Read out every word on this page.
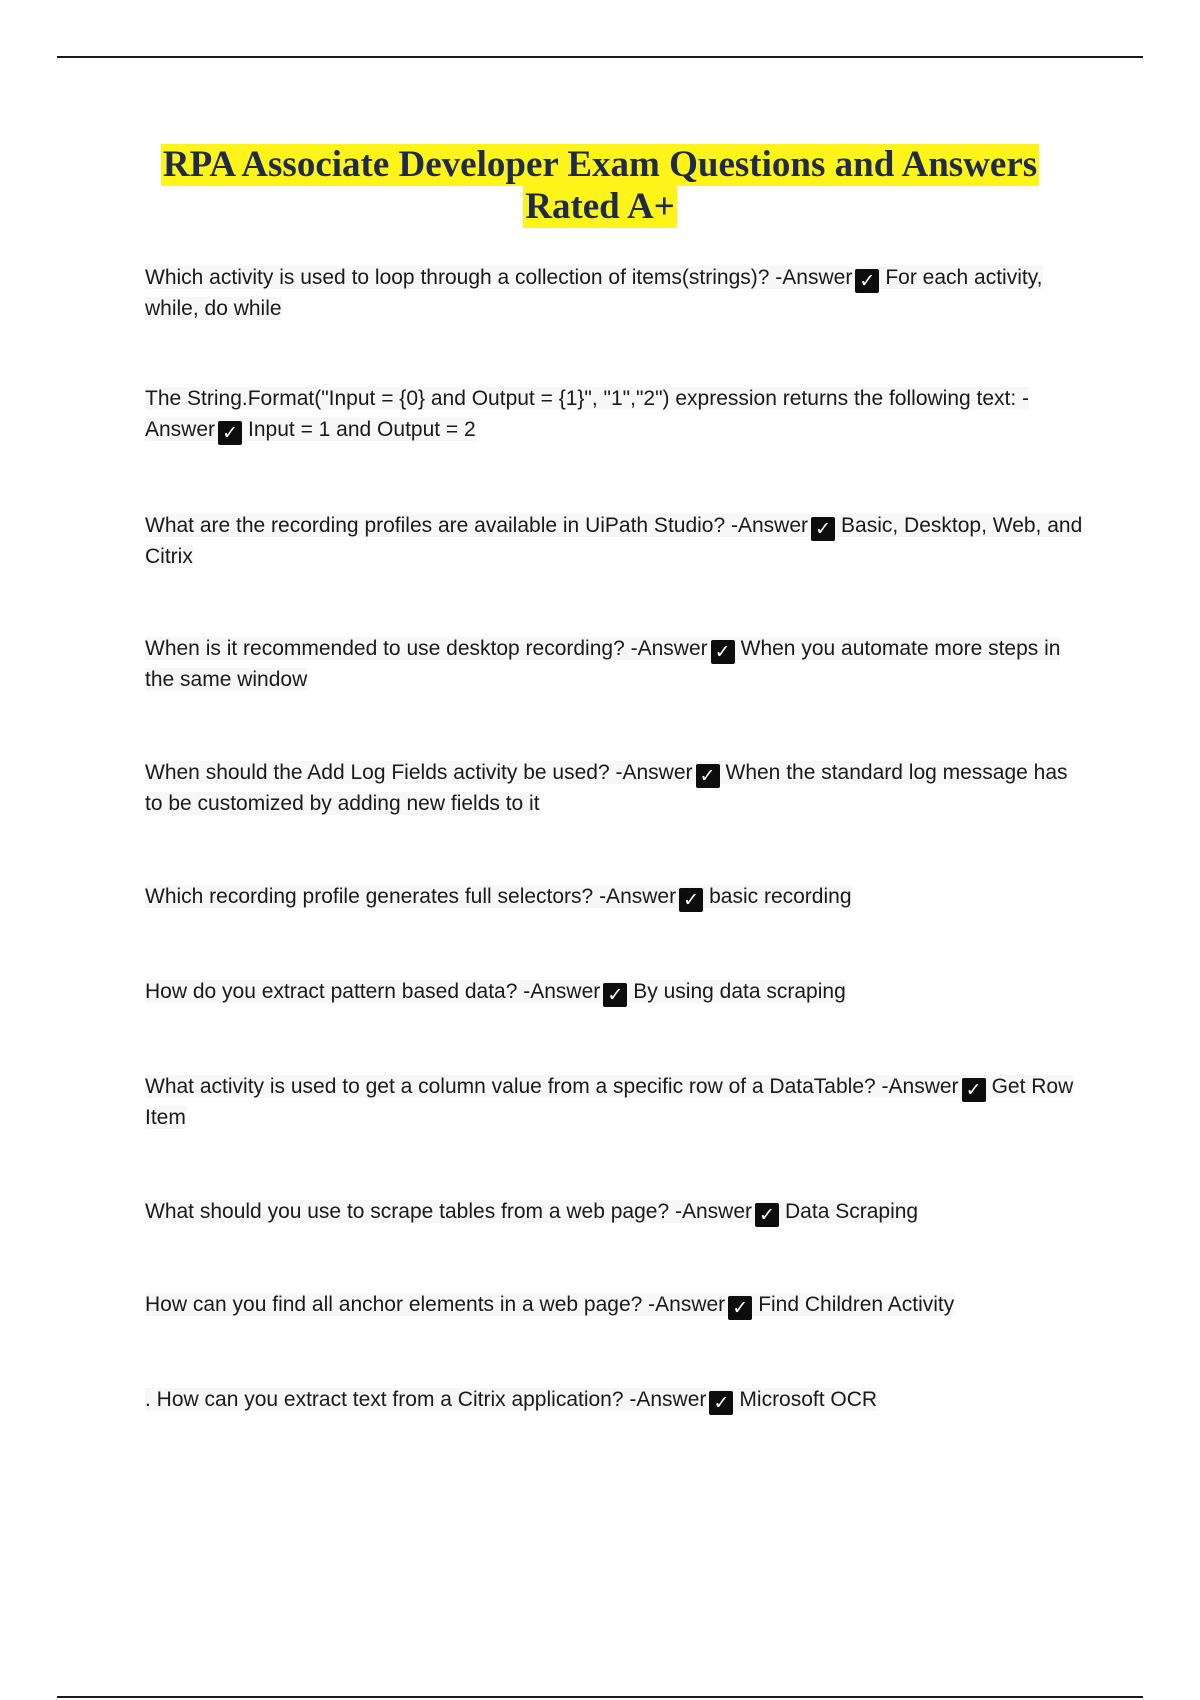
RPA Associate Developer Exam Questions and Answers
Rated A+
Which activity is used to loop through a collection of items(strings)? -Answer ✓ For each activity, while, do while
The String.Format("Input = {0} and Output = {1}", "1","2") expression returns the following text: -Answer ✓ Input = 1 and Output = 2
What are the recording profiles are available in UiPath Studio? -Answer ✓ Basic, Desktop, Web, and Citrix
When is it recommended to use desktop recording? -Answer ✓ When you automate more steps in the same window
When should the Add Log Fields activity be used? -Answer ✓ When the standard log message has to be customized by adding new fields to it
Which recording profile generates full selectors? -Answer ✓ basic recording
How do you extract pattern based data? -Answer ✓ By using data scraping
What activity is used to get a column value from a specific row of a DataTable? -Answer ✓ Get Row Item
What should you use to scrape tables from a web page? -Answer ✓ Data Scraping
How can you find all anchor elements in a web page? -Answer ✓ Find Children Activity
. How can you extract text from a Citrix application? -Answer ✓ Microsoft OCR
